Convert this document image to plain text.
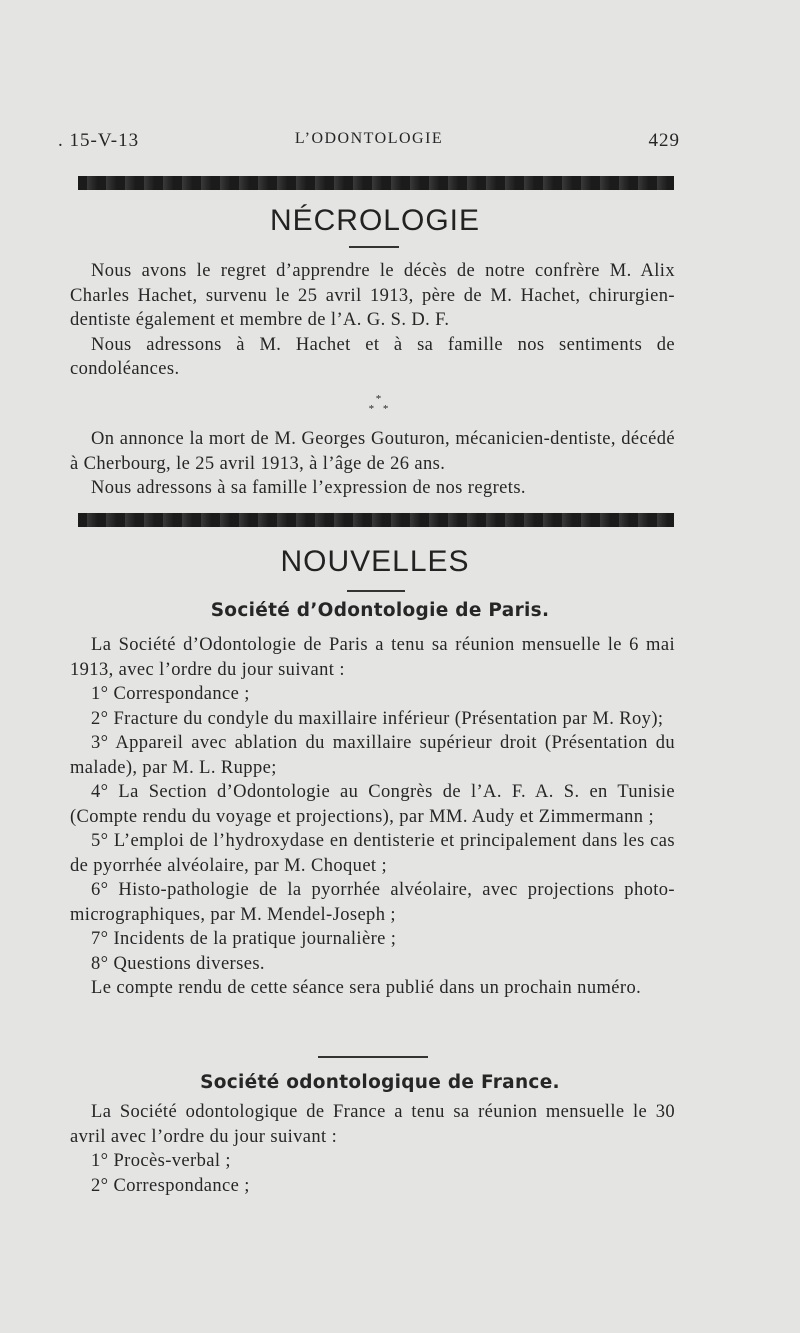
. 15-V-13	L’ODONTOLOGIE	429
NÉCROLOGIE

Nous avons le regret d’apprendre le décès de notre confrère M. Alix Charles Hachet, survenu le 25 avril 1913, père de M. Hachet, chirurgien-dentiste également et membre de l’A. G. S. D. F.

Nous adressons à M. Hachet et à sa famille nos sentiments de condoléances.

*
* *

On annonce la mort de M. Georges Gouturon, mécanicien-dentiste, décédé à Cherbourg, le 25 avril 1913, à l’âge de 26 ans.

Nous adressons à sa famille l’expression de nos regrets.

NOUVELLES
Société d’Odontologie de Paris.

La Société d’Odontologie de Paris a tenu sa réunion mensuelle le 6 mai 1913, avec l’ordre du jour suivant :

1° Correspondance ;

2° Fracture du condyle du maxillaire inférieur (Présentation par M. Roy);

3° Appareil avec ablation du maxillaire supérieur droit (Présentation du malade), par M. L. Ruppe;

4° La Section d’Odontologie au Congrès de l’A. F. A. S. en Tunisie (Compte rendu du voyage et projections), par MM. Audy et Zimmermann ;

5° L’emploi de l’hydroxydase en dentisterie et principalement dans les cas de pyorrhée alvéolaire, par M. Choquet ;

6° Histo-pathologie de la pyorrhée alvéolaire, avec projections photo-micrographiques, par M. Mendel-Joseph ;

7° Incidents de la pratique journalière ;

8° Questions diverses.

Le compte rendu de cette séance sera publié dans un prochain numéro.

Société odontologique de France.

La Société odontologique de France a tenu sa réunion mensuelle le 30 avril avec l’ordre du jour suivant :

1° Procès-verbal ;

2° Correspondance ;
